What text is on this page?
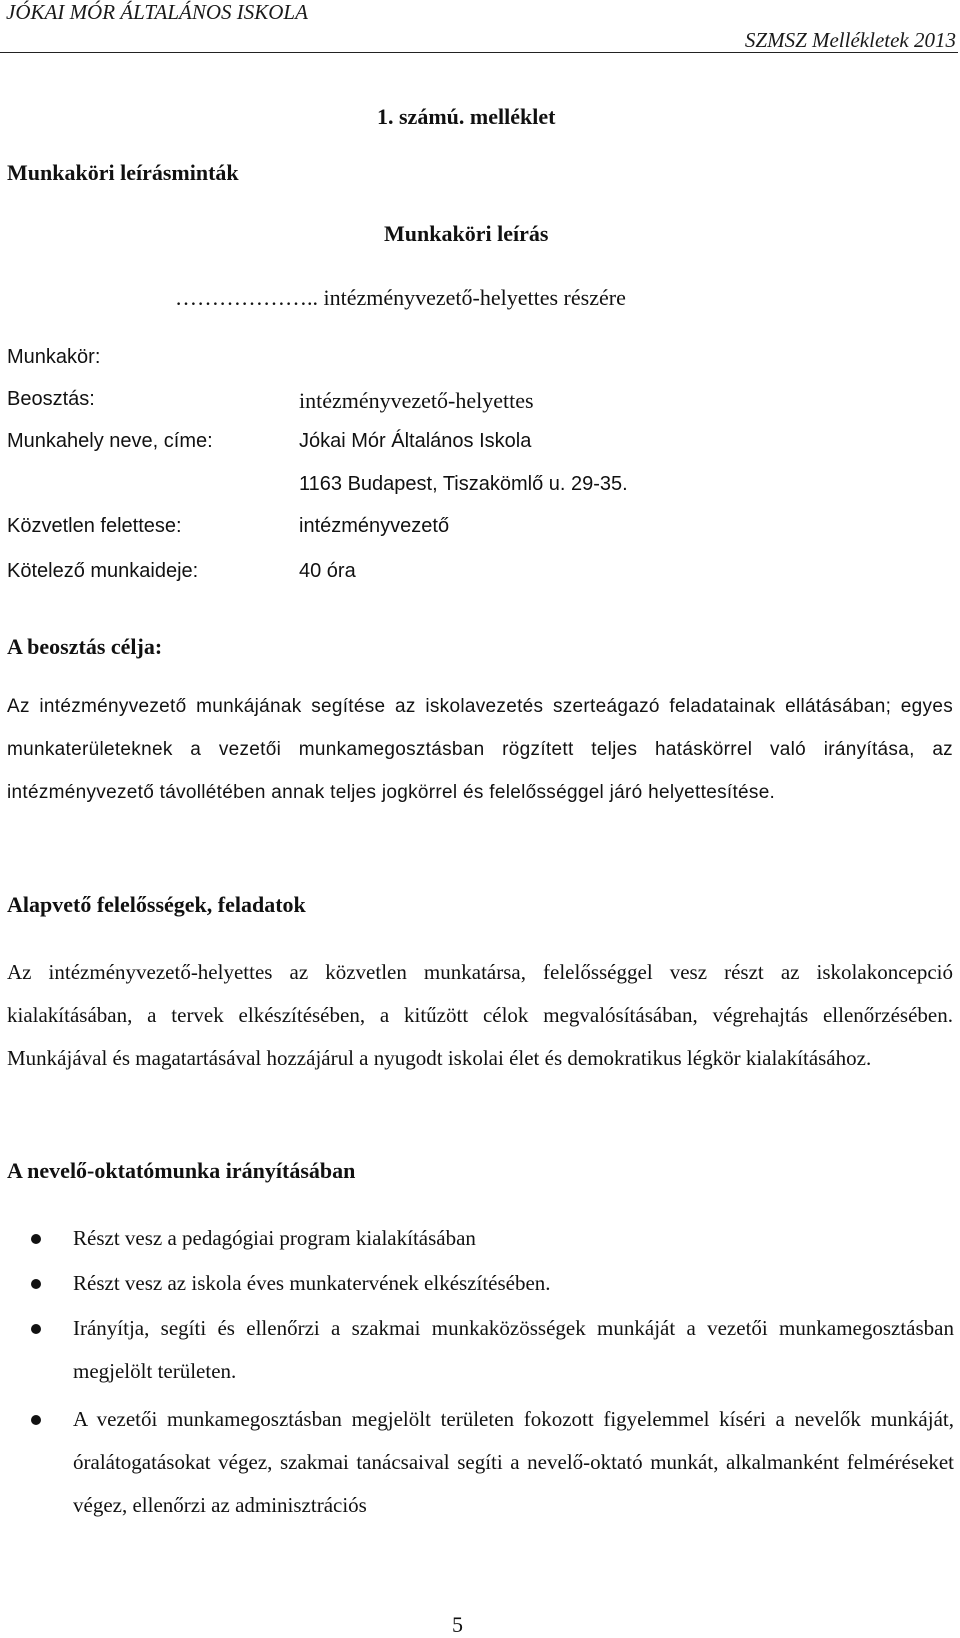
JÓKAI MÓR ÁLTALÁNOS ISKOLA
SZMSZ Mellékletek 2013
1. számú. melléklet
Munkaköri leírásminták
Munkaköri leírás
……………….. intézményvezető-helyettes részére
Munkakör:
Beosztás:	intézményvezető-helyettes
Munkahely neve, címe:	Jókai Mór Általános Iskola
1163 Budapest, Tiszakömlő u. 29-35.
Közvetlen felettese:	intézményvezető
Kötelező munkaideje:	40 óra
A beosztás célja:
Az intézményvezető munkájának segítése az iskolavezetés szerteágazó feladatainak ellátásában; egyes munkaterületeknek a vezetői munkamegosztásban rögzített teljes hatáskörrel való irányítása, az intézményvezető távollétében annak teljes jogkörrel és felelősséggel járó helyettesítése.
Alapvető felelősségek, feladatok
Az intézményvezető-helyettes az közvetlen munkatársa, felelősséggel vesz részt az iskolakoncepció kialakításában, a tervek elkészítésében, a kitűzött célok megvalósításában, végrehajtás ellenőrzésében. Munkájával és magatartásával hozzájárul a nyugodt iskolai élet és demokratikus légkör kialakításához.
A nevelő-oktatómunka irányításában
Részt vesz a pedagógiai program kialakításában
Részt vesz az iskola éves munkatervének elkészítésében.
Irányítja, segíti és ellenőrzi a szakmai munkaközösségek munkáját a vezetői munkamegosztásban megjelölt területen.
A vezetői munkamegosztásban megjelölt területen fokozott figyelemmel kíséri a nevelők munkáját, óralátogatásokat végez, szakmai tanácsaival segíti a nevelő-oktató munkát, alkalmanként felméréseket végez, ellenőrzi az adminisztrációs
5
